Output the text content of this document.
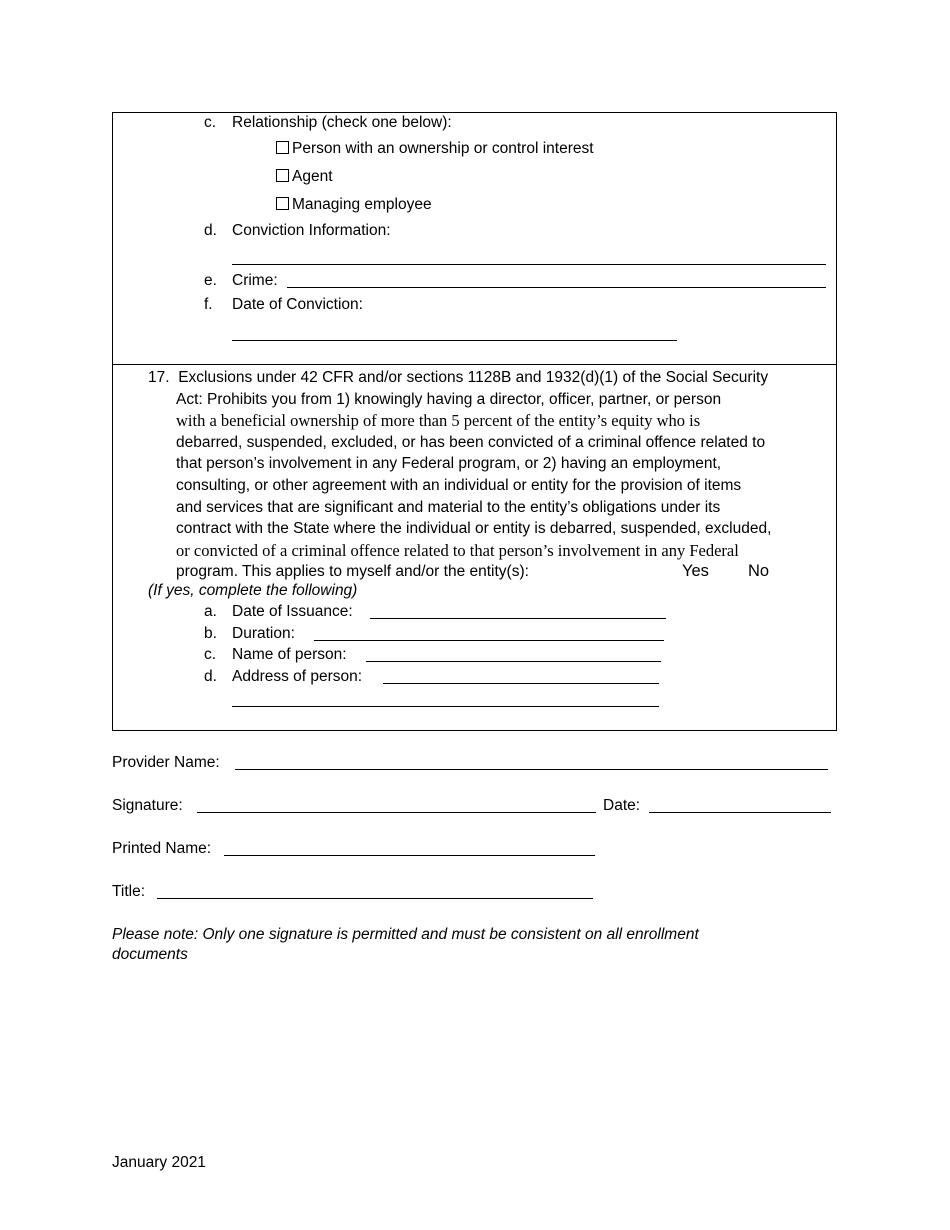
c. Relationship (check one below):
Person with an ownership or control interest
Agent
Managing employee
d. Conviction Information:
e. Crime:
f. Date of Conviction:
17. Exclusions under 42 CFR and/or sections 1128B and 1932(d)(1) of the Social Security
Act: Prohibits you from 1) knowingly having a director, officer, partner, or person
with a beneficial ownership of more than 5 percent of the entity’s equity who is
debarred, suspended, excluded, or has been convicted of a criminal offence related to
that person’s involvement in any Federal program, or 2) having an employment,
consulting, or other agreement with an individual or entity for the provision of items
and services that are significant and material to the entity’s obligations under its
contract with the State where the individual or entity is debarred, suspended, excluded,
or convicted of a criminal offence related to that person’s involvement in any Federal
program. This applies to myself and/or the entity(s):	Yes No
(If yes, complete the following)
a. Date of Issuance:
b. Duration:
c. Name of person:
d. Address of person:
Provider Name:
Signature:	Date:
Printed Name:
Title:
Please note: Only one signature is permitted and must be consistent on all enrollment
documents
January 2021
